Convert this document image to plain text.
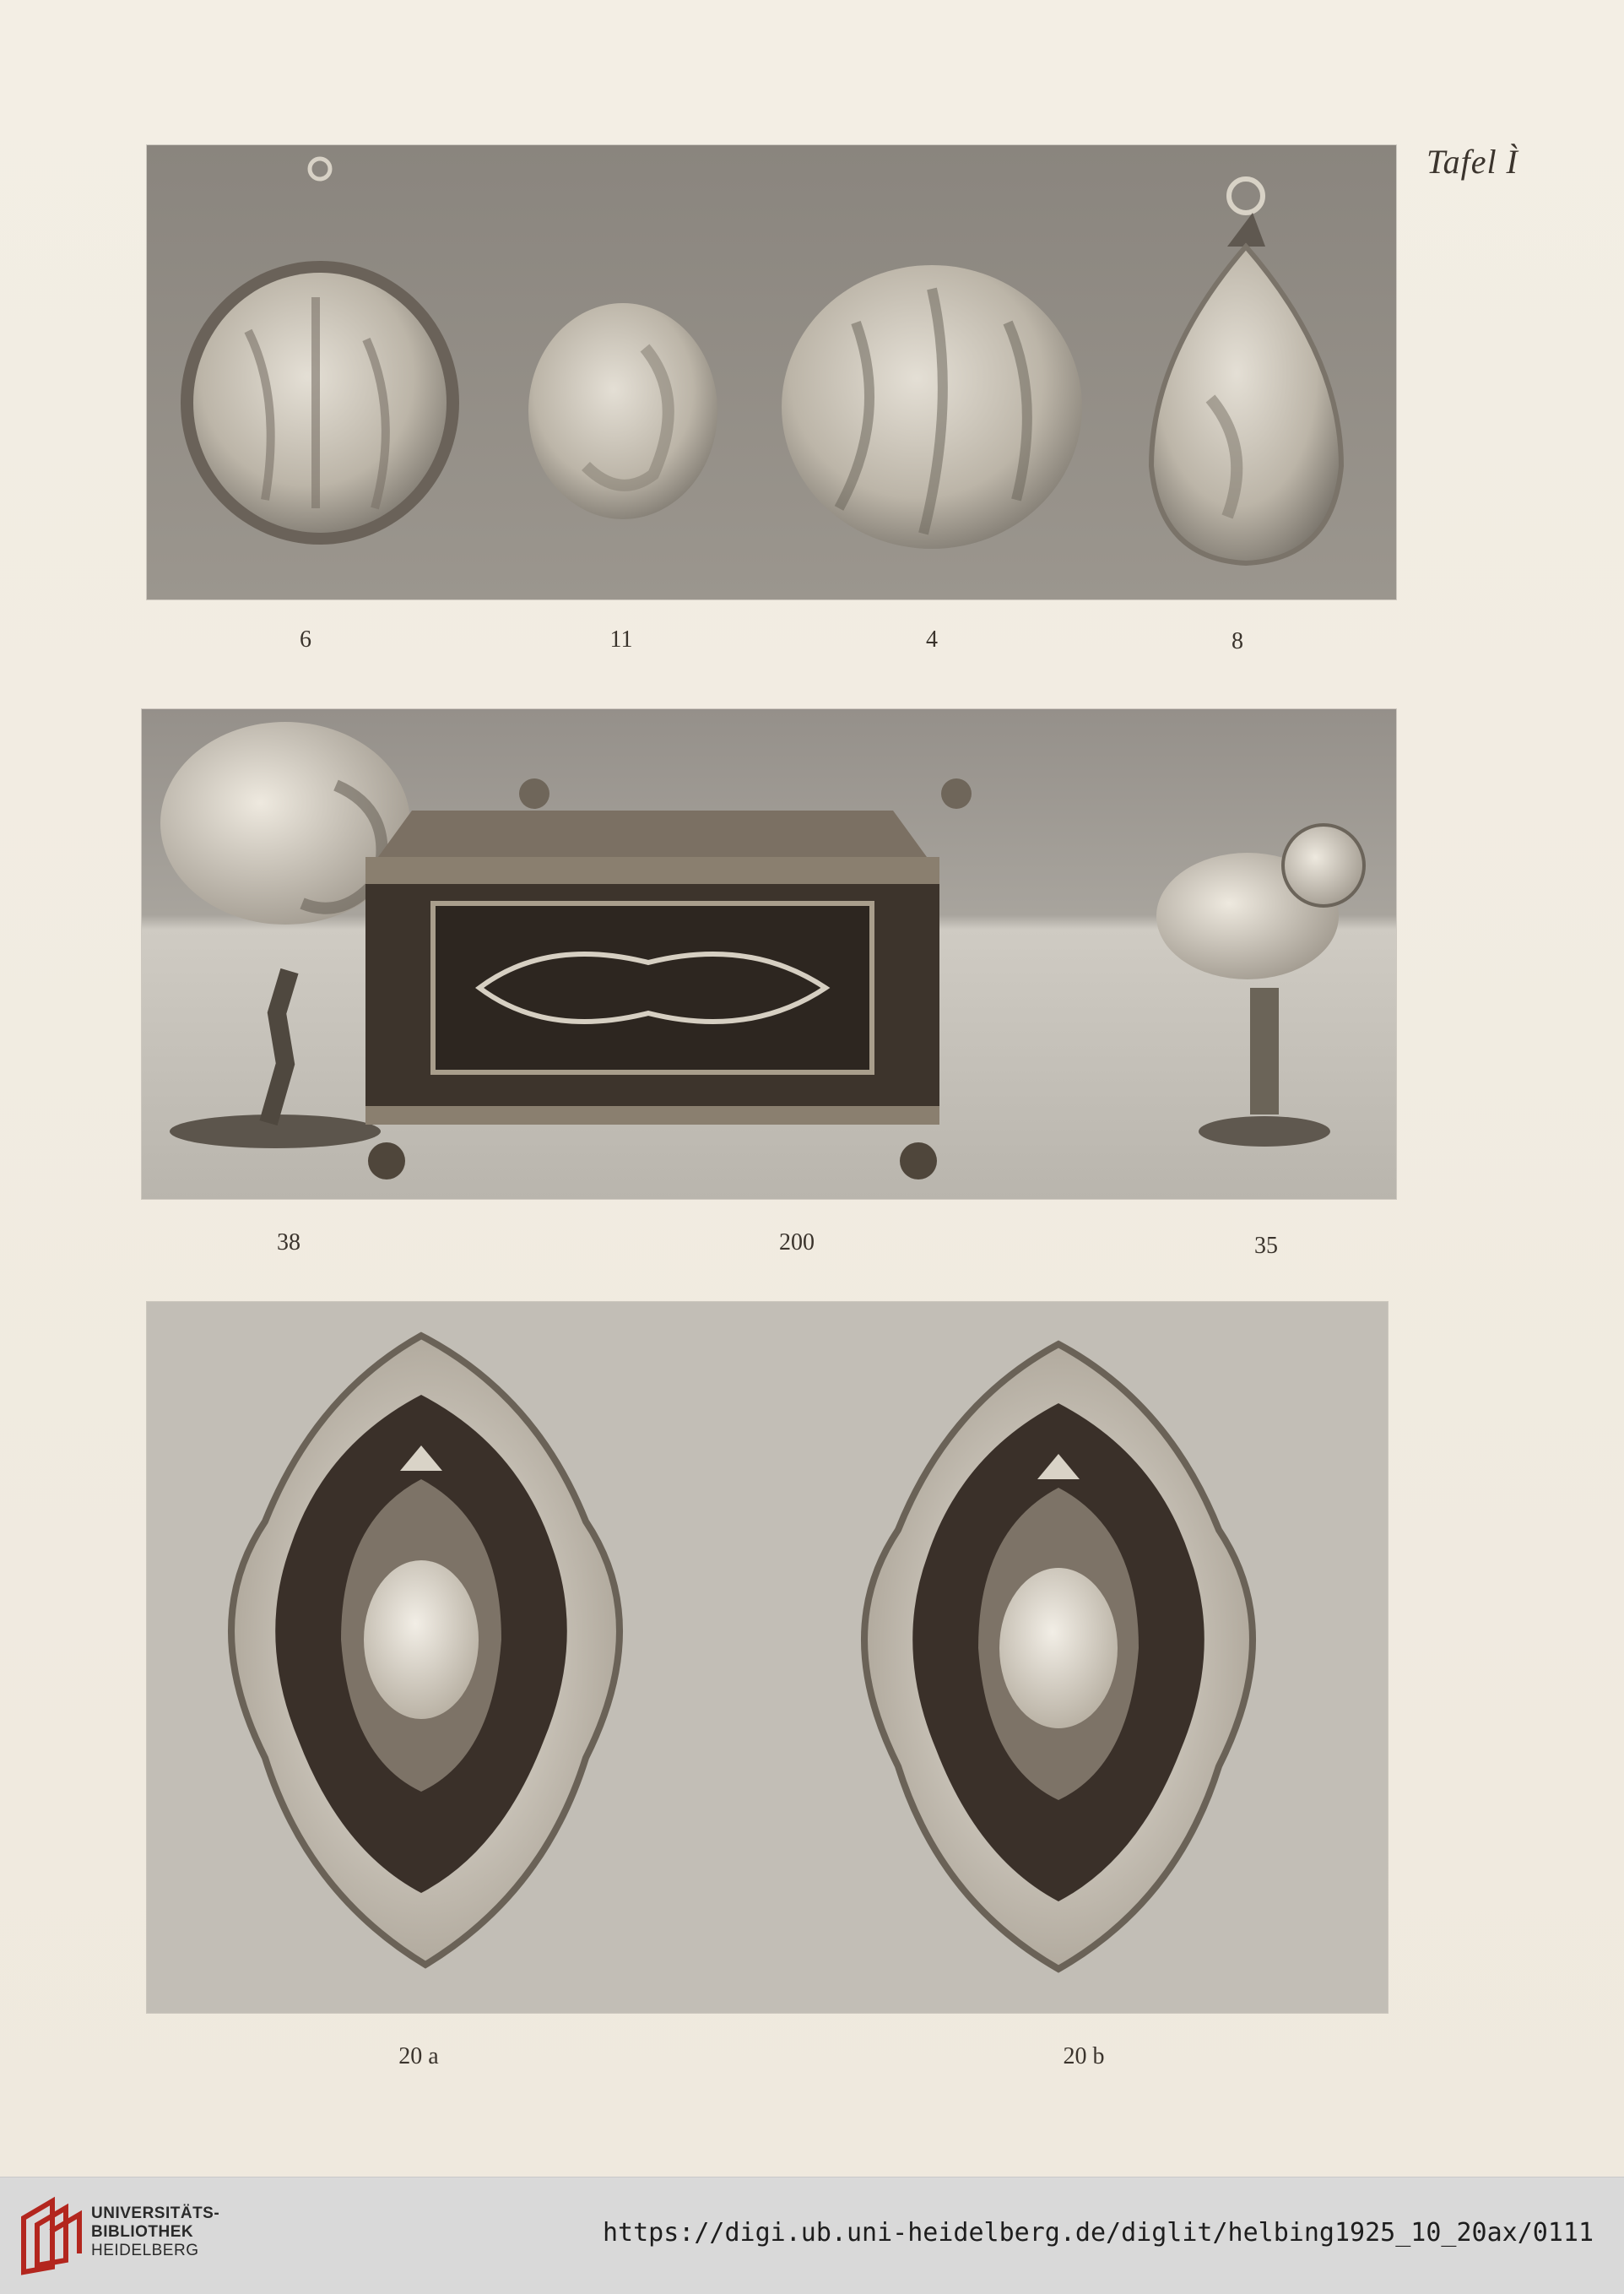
Tafel Ì
6	11	4	8
38	200	35
20 a	20 b
UNIVERSITÄTS-
BIBLIOTHEK
HEIDELBERG
https://digi.ub.uni-heidelberg.de/diglit/helbing1925_10_20ax/0111
